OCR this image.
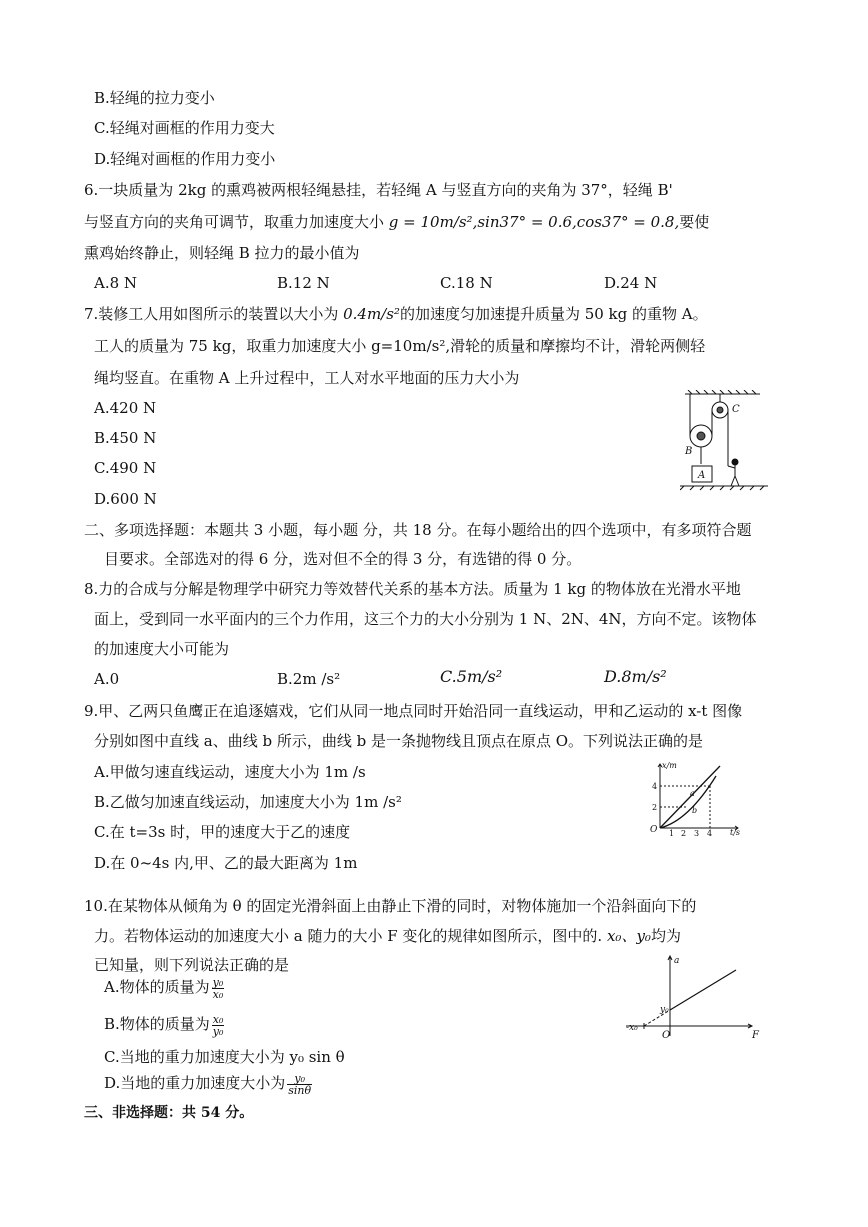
B.轻绳的拉力变小
C.轻绳对画框的作用力变大
D.轻绳对画框的作用力变小
6.一块质量为 2kg 的熏鸡被两根轻绳悬挂，若轻绳 A 与竖直方向的夹角为 37°，轻绳 B'
与竖直方向的夹角可调节，取重力加速度大小 g = 10m/s²,sin37° = 0.6,cos37° = 0.8,要使
熏鸡始终静止，则轻绳 B 拉力的最小值为
A.8 N	B.12 N	C.18 N	D.24 N
7.装修工人用如图所示的装置以大小为 0.4m/s²的加速度匀加速提升质量为 50 kg 的重物 A。
工人的质量为 75 kg，取重力加速度大小 g=10m/s²,滑轮的质量和摩擦均不计，滑轮两侧轻
绳均竖直。在重物 A 上升过程中，工人对水平地面的压力大小为
A.420 N
B.450 N
C.490 N
D.600 N
C
B
A
二、多项选择题：本题共 3 小题，每小题 分，共 18 分。在每小题给出的四个选项中，有多项符合题
目要求。全部选对的得 6 分，选对但不全的得 3 分，有选错的得 0 分。
8.力的合成与分解是物理学中研究力等效替代关系的基本方法。质量为 1 kg 的物体放在光滑水平地
面上，受到同一水平面内的三个力作用，这三个力的大小分别为 1 N、2N、4N，方向不定。该物体
的加速度大小可能为
A.0	B.2m /s²	C.5m/s²	D.8m/s²
9.甲、乙两只鱼鹰正在追逐嬉戏，它们从同一地点同时开始沿同一直线运动，甲和乙运动的 x-t 图像
分别如图中直线 a、曲线 b 所示，曲线 b 是一条抛物线且顶点在原点 O。下列说法正确的是
A.甲做匀速直线运动，速度大小为 1m /s
B.乙做匀加速直线运动，加速度大小为 1m /s²
C.在 t=3s 时，甲的速度大于乙的速度
D.在 0~4s 内,甲、乙的最大距离为 1m
x/m
t/s
O
4
2
1 2 3 4
a
b
10.在某物体从倾角为 θ 的固定光滑斜面上由静止下滑的同时，对物体施加一个沿斜面向下的
力。若物体运动的加速度大小 a 随力的大小 F 变化的规律如图所示，图中的. x₀、y₀均为
已知量，则下列说法正确的是
A.物体的质量为 $\frac{\text{y₀}}{\text{x₀}}$
B.物体的质量为 $\frac{\text{x₀}}{\text{y₀}}$
C.当地的重力加速度大小为 y₀ sin θ
D.当地的重力加速度大小为 $\frac{\text{y₀}}{\sin\theta}$
a
F
y₀
-x₀
O
三、非选择题：共 54 分。
